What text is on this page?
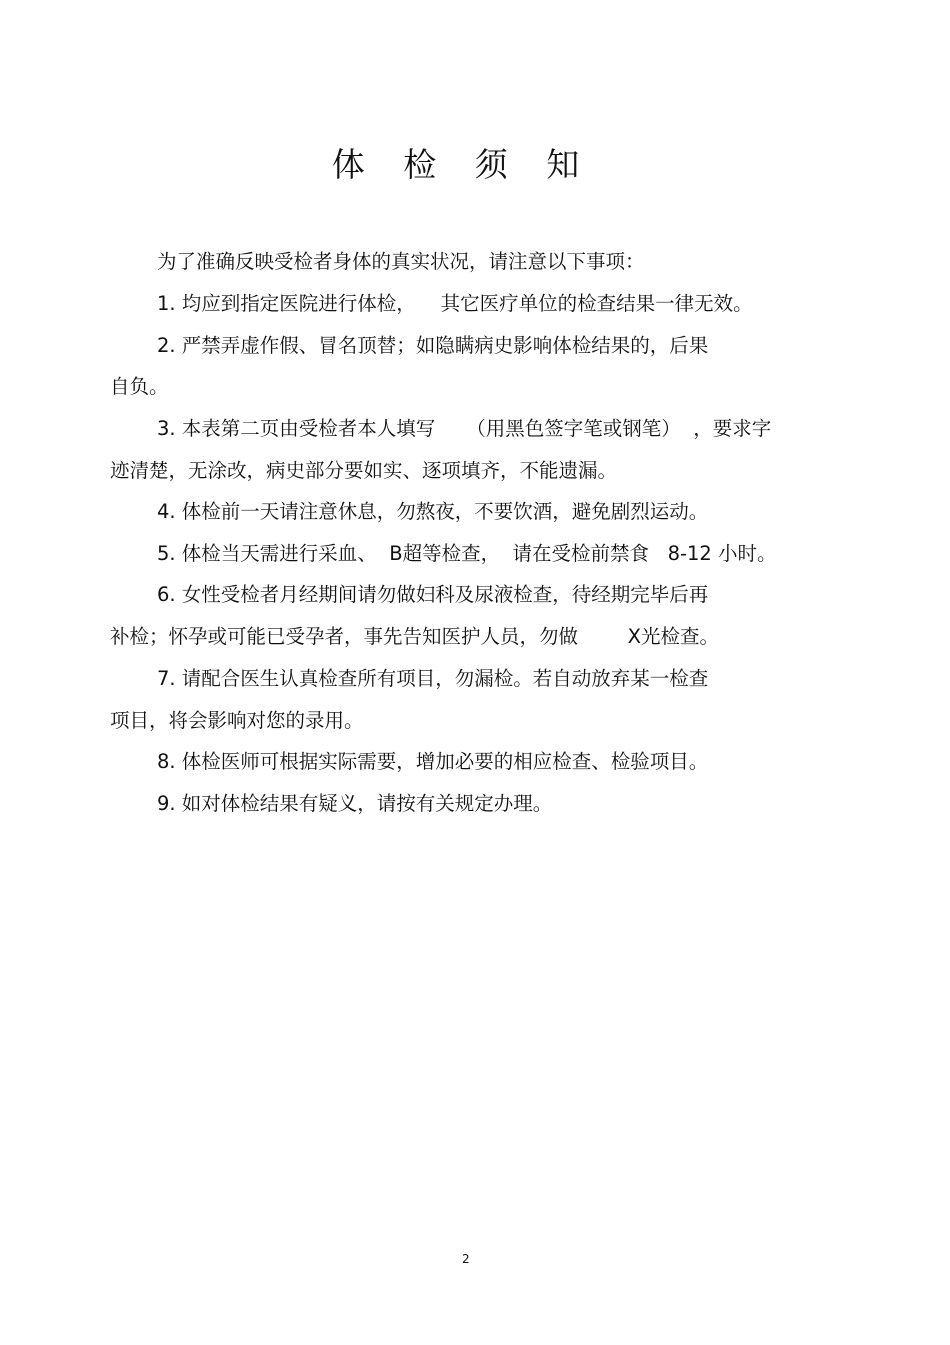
体 检 须 知
为了准确反映受检者身体的真实状况，请注意以下事项：
1. 均应到指定医院进行体检，    其它医疗单位的检查结果一律无效。
2. 严禁弄虚作假、冒名顶替；如隐瞒病史影响体检结果的，后果
自负。
3. 本表第二页由受检者本人填写     （用黑色签字笔或钢笔）  ，要求字
迹清楚，无涂改，病史部分要如实、逐项填齐，不能遗漏。
4. 体检前一天请注意休息，勿熬夜，不要饮酒，避免剧烈运动。
5. 体检当天需进行采血、  B超等检查，  请在受检前禁食   8-12 小时。
6. 女性受检者月经期间请勿做妇科及尿液检查，待经期完毕后再
补检；怀孕或可能已受孕者，事先告知医护人员，勿做        X光检查。
7. 请配合医生认真检查所有项目，勿漏检。若自动放弃某一检查
项目，将会影响对您的录用。
8. 体检医师可根据实际需要，增加必要的相应检查、检验项目。
9. 如对体检结果有疑义，请按有关规定办理。
2
